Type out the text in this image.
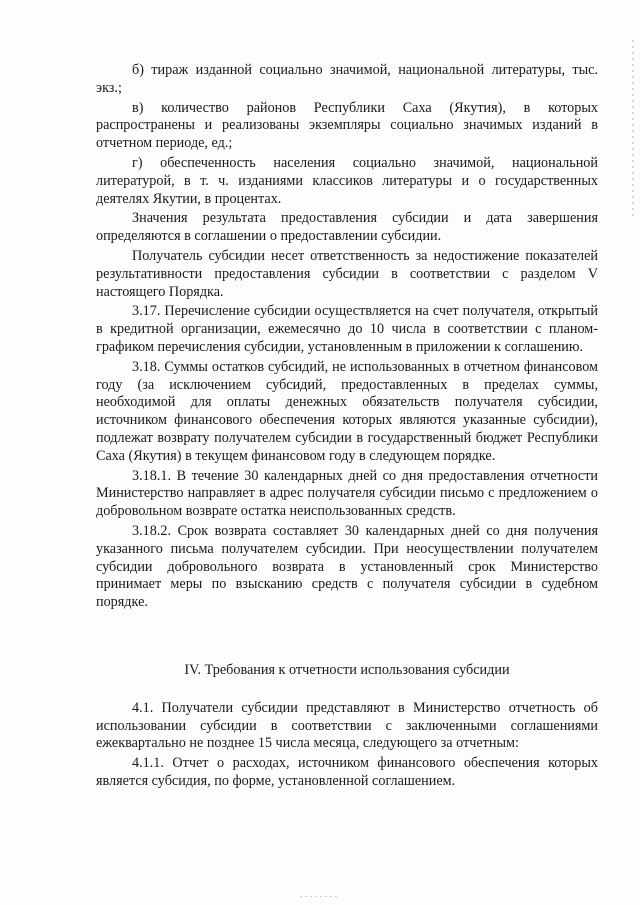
б) тираж изданной социально значимой, национальной литературы, тыс. экз.;

в) количество районов Республики Саха (Якутия), в которых распространены и реализованы экземпляры социально значимых изданий в отчетном периоде, ед.;

г) обеспеченность населения социально значимой, национальной литературой, в т. ч. изданиями классиков литературы и о государственных деятелях Якутии, в процентах.

Значения результата предоставления субсидии и дата завершения определяются в соглашении о предоставлении субсидии.

Получатель субсидии несет ответственность за недостижение показателей результативности предоставления субсидии в соответствии с разделом V настоящего Порядка.

3.17. Перечисление субсидии осуществляется на счет получателя, открытый в кредитной организации, ежемесячно до 10 числа в соответствии с планом-графиком перечисления субсидии, установленным в приложении к соглашению.

3.18. Суммы остатков субсидий, не использованных в отчетном финансовом году (за исключением субсидий, предоставленных в пределах суммы, необходимой для оплаты денежных обязательств получателя субсидии, источником финансового обеспечения которых являются указанные субсидии), подлежат возврату получателем субсидии в государственный бюджет Республики Саха (Якутия) в текущем финансовом году в следующем порядке.

3.18.1. В течение 30 календарных дней со дня предоставления отчетности Министерство направляет в адрес получателя субсидии письмо с предложением о добровольном возврате остатка неиспользованных средств.

3.18.2. Срок возврата составляет 30 календарных дней со дня получения указанного письма получателем субсидии. При неосуществлении получателем субсидии добровольного возврата в установленный срок Министерство принимает меры по взысканию средств с получателя субсидии в судебном порядке.

IV. Требования к отчетности использования субсидии

4.1. Получатели субсидии представляют в Министерство отчетность об использовании субсидии в соответствии с заключенными соглашениями ежеквартально не позднее 15 числа месяца, следующего за отчетным:

4.1.1. Отчет о расходах, источником финансового обеспечения которых является субсидия, по форме, установленной соглашением.
